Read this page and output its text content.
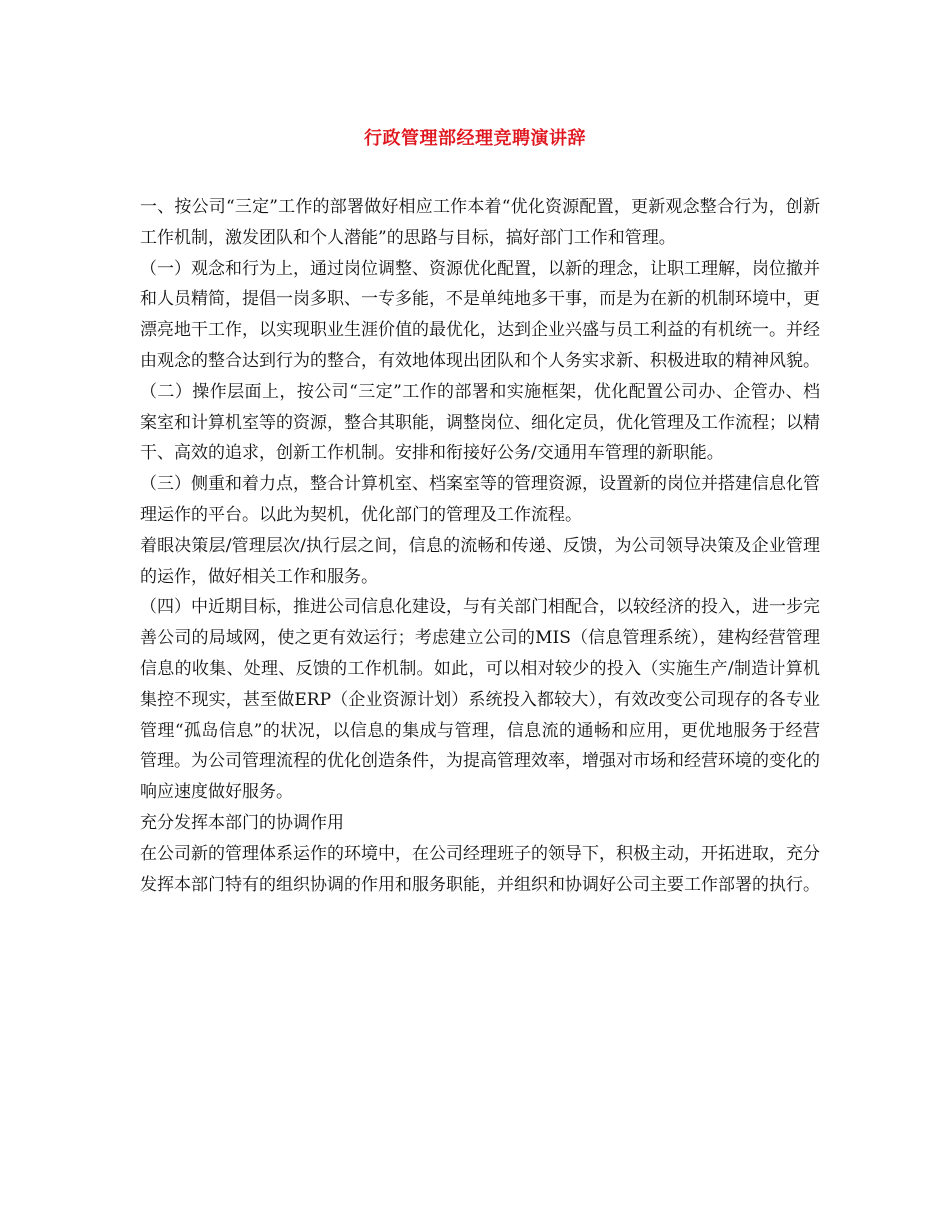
行政管理部经理竞聘演讲辞

一、按公司“三定”工作的部署做好相应工作本着“优化资源配置，更新观念整合行为，创新工作机制，激发团队和个人潜能”的思路与目标，搞好部门工作和管理。

（一）观念和行为上，通过岗位调整、资源优化配置，以新的理念，让职工理解，岗位撤并和人员精简，提倡一岗多职、一专多能，不是单纯地多干事，而是为在新的机制环境中，更漂亮地干工作，以实现职业生涯价值的最优化，达到企业兴盛与员工利益的有机统一。并经由观念的整合达到行为的整合，有效地体现出团队和个人务实求新、积极进取的精神风貌。

（二）操作层面上，按公司“三定”工作的部署和实施框架，优化配置公司办、企管办、档案室和计算机室等的资源，整合其职能，调整岗位、细化定员，优化管理及工作流程；以精干、高效的追求，创新工作机制。安排和衔接好公务/交通用车管理的新职能。

（三）侧重和着力点，整合计算机室、档案室等的管理资源，设置新的岗位并搭建信息化管理运作的平台。以此为契机，优化部门的管理及工作流程。

着眼决策层/管理层次/执行层之间，信息的流畅和传递、反馈，为公司领导决策及企业管理的运作，做好相关工作和服务。

（四）中近期目标，推进公司信息化建设，与有关部门相配合，以较经济的投入，进一步完善公司的局域网，使之更有效运行；考虑建立公司的MIS（信息管理系统），建构经营管理信息的收集、处理、反馈的工作机制。如此，可以相对较少的投入（实施生产/制造计算机集控不现实，甚至做ERP（企业资源计划）系统投入都较大），有效改变公司现存的各专业管理“孤岛信息”的状况，以信息的集成与管理，信息流的通畅和应用，更优地服务于经营管理。为公司管理流程的优化创造条件，为提高管理效率，增强对市场和经营环境的变化的响应速度做好服务。

充分发挥本部门的协调作用

在公司新的管理体系运作的环境中，在公司经理班子的领导下，积极主动，开拓进取，充分发挥本部门特有的组织协调的作用和服务职能，并组织和协调好公司主要工作部署的执行。
